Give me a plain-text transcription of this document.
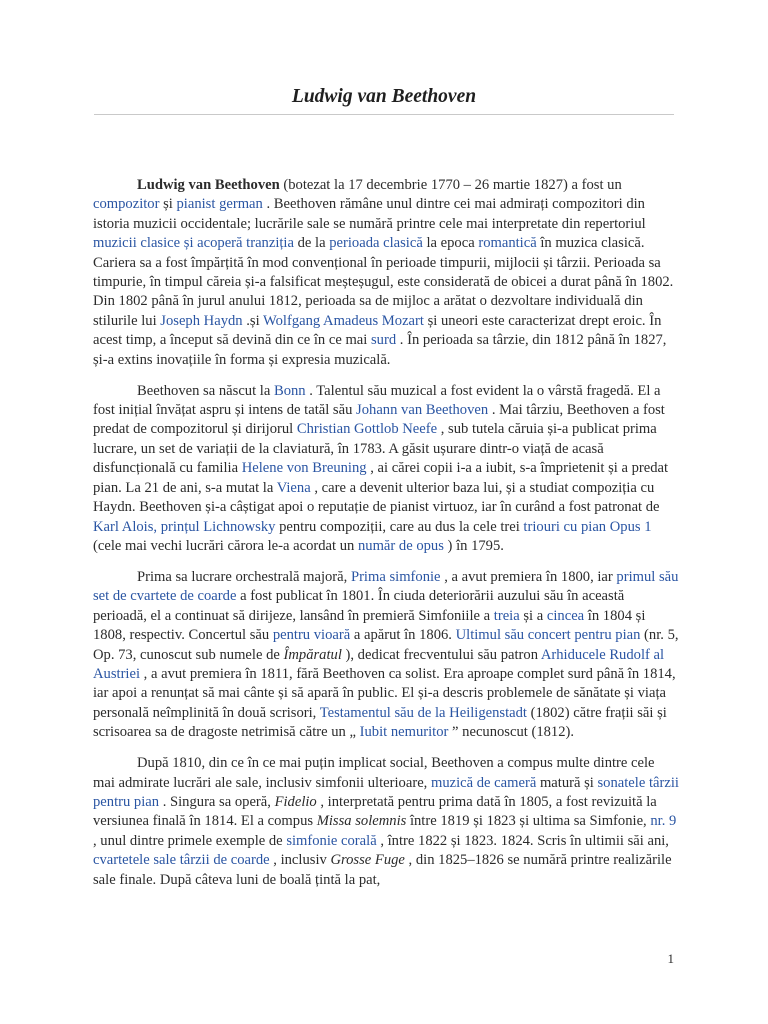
Ludwig van Beethoven

Ludwig van Beethoven (botezat la 17 decembrie 1770 – 26 martie 1827) a fost un compozitor și pianist german . Beethoven rămâne unul dintre cei mai admirați compozitori din istoria muzicii occidentale; lucrările sale se numără printre cele mai interpretate din repertoriul muzicii clasice și acoperă tranziția de la perioada clasică la epoca romantică în muzica clasică. Cariera sa a fost împărțită în mod convențional în perioade timpurii, mijlocii și târzii. Perioada sa timpurie, în timpul căreia și-a falsificat meșteșugul, este considerată de obicei a durat până în 1802. Din 1802 până în jurul anului 1812, perioada sa de mijloc a arătat o dezvoltare individuală din stilurile lui Joseph Haydn .și Wolfgang Amadeus Mozart și uneori este caracterizat drept eroic. În acest timp, a început să devină din ce în ce mai surd . În perioada sa târzie, din 1812 până în 1827, și-a extins inovațiile în forma și expresia muzicală.

Beethoven sa născut la Bonn . Talentul său muzical a fost evident la o vârstă fragedă. El a fost inițial învățat aspru și intens de tatăl său Johann van Beethoven . Mai târziu, Beethoven a fost predat de compozitorul și dirijorul Christian Gottlob Neefe , sub tutela căruia și-a publicat prima lucrare, un set de variații de la claviatură, în 1783. A găsit ușurare dintr-o viață de acasă disfuncțională cu familia Helene von Breuning , ai cărei copii i-a a iubit, s-a împrietenit și a predat pian. La 21 de ani, s-a mutat la Viena , care a devenit ulterior baza lui, și a studiat compoziția cu Haydn. Beethoven și-a câștigat apoi o reputație de pianist virtuoz, iar în curând a fost patronat de Karl Alois, prințul Lichnowsky pentru compoziții, care au dus la cele trei triouri cu pian Opus 1 (cele mai vechi lucrări cărora le-a acordat un număr de opus ) în 1795.

Prima sa lucrare orchestrală majoră, Prima simfonie , a avut premiera în 1800, iar primul său set de cvartete de coarde a fost publicat în 1801. În ciuda deteriorării auzului său în această perioadă, el a continuat să dirijeze, lansând în premieră Simfoniile a treia și a cincea în 1804 și 1808, respectiv. Concertul său pentru vioară a apărut în 1806. Ultimul său concert pentru pian (nr. 5, Op. 73, cunoscut sub numele de Împăratul ), dedicat frecventului său patron Arhiducele Rudolf al Austriei , a avut premiera în 1811, fără Beethoven ca solist. Era aproape complet surd până în 1814, iar apoi a renunțat să mai cânte și să apară în public. El și-a descris problemele de sănătate și viața personală neîmplinită în două scrisori, Testamentul său de la Heiligenstadt (1802) către frații săi și scrisoarea sa de dragoste netrimisă către un „ Iubit nemuritor ” necunoscut (1812).

După 1810, din ce în ce mai puțin implicat social, Beethoven a compus multe dintre cele mai admirate lucrări ale sale, inclusiv simfonii ulterioare, muzică de cameră matură și sonatele târzii pentru pian . Singura sa operă, Fidelio , interpretată pentru prima dată în 1805, a fost revizuită la versiunea finală în 1814. El a compus Missa solemnis între 1819 și 1823 și ultima sa Simfonie, nr. 9 , unul dintre primele exemple de simfonie corală , între 1822 și 1823. 1824. Scris în ultimii săi ani, cvartetele sale târzii de coarde , inclusiv Grosse Fuge , din 1825–1826 se numără printre realizările sale finale. După câteva luni de boală țintă la pat,

1
